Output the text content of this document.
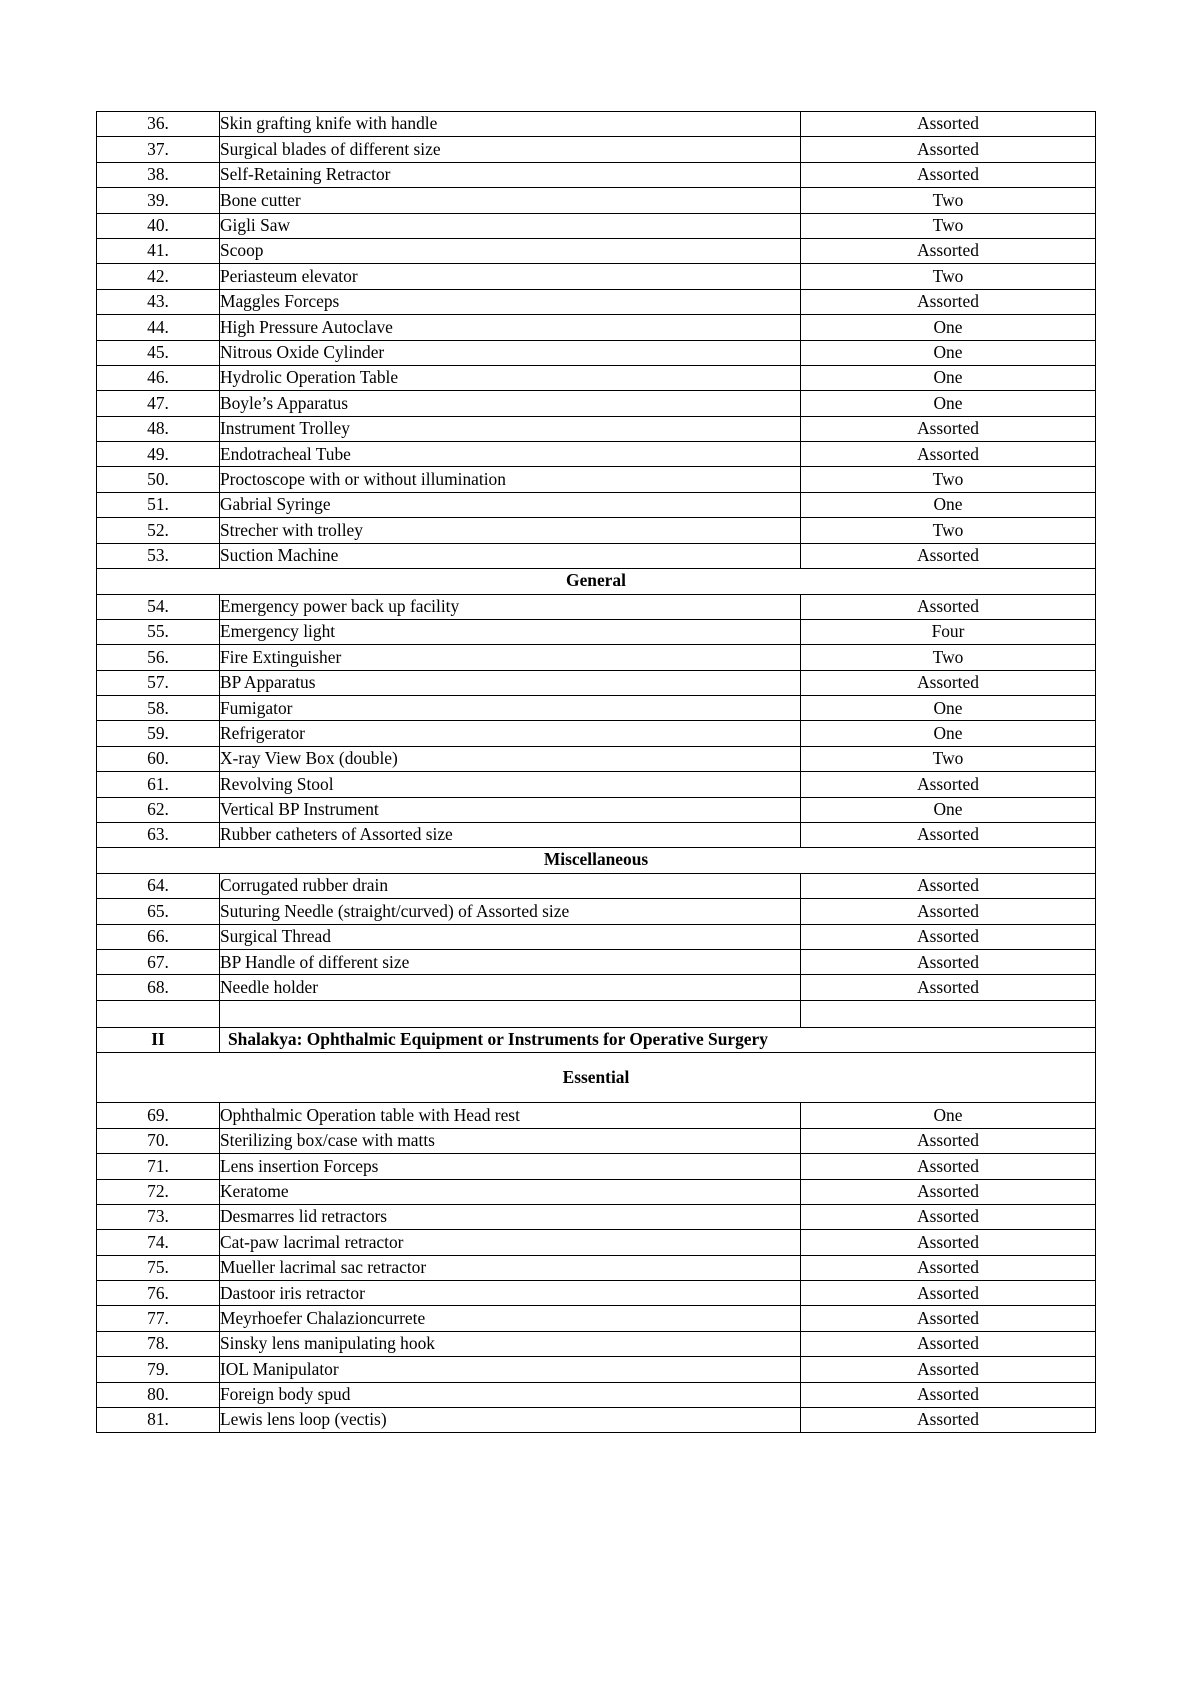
36.	Skin grafting knife with handle	Assorted
37.	Surgical blades of different size	Assorted
38.	Self-Retaining Retractor	Assorted
39.	Bone cutter	Two
40.	Gigli Saw	Two
41.	Scoop	Assorted
42.	Periasteum elevator	Two
43.	Maggles Forceps	Assorted
44.	High Pressure Autoclave	One
45.	Nitrous Oxide Cylinder	One
46.	Hydrolic Operation Table	One
47.	Boyle’s Apparatus	One
48.	Instrument Trolley	Assorted
49.	Endotracheal Tube	Assorted
50.	Proctoscope with or without illumination	Two
51.	Gabrial Syringe	One
52.	Strecher with trolley	Two
53.	Suction Machine	Assorted
General		
54.	Emergency power back up facility	Assorted
55.	Emergency light	Four
56.	Fire Extinguisher	Two
57.	BP Apparatus	Assorted
58.	Fumigator	One
59.	Refrigerator	One
60.	X-ray View Box (double)	Two
61.	Revolving Stool	Assorted
62.	Vertical BP Instrument	One
63.	Rubber catheters of Assorted size	Assorted
Miscellaneous		
64.	Corrugated rubber drain	Assorted
65.	Suturing Needle (straight/curved) of Assorted size	Assorted
66.	Surgical Thread	Assorted
67.	BP Handle of different size	Assorted
68.	Needle holder	Assorted

II	Shalakya: Ophthalmic Equipment or Instruments for Operative Surgery	
Essential		
69.	Ophthalmic Operation table with Head rest	One
70.	Sterilizing box/case with matts	Assorted
71.	Lens insertion Forceps	Assorted
72.	Keratome	Assorted
73.	Desmarres lid retractors	Assorted
74.	Cat-paw lacrimal retractor	Assorted
75.	Mueller lacrimal sac retractor	Assorted
76.	Dastoor iris retractor	Assorted
77.	Meyrhoefer Chalazioncurrete	Assorted
78.	Sinsky lens manipulating hook	Assorted
79.	IOL Manipulator	Assorted
80.	Foreign body spud	Assorted
81.	Lewis lens loop (vectis)	Assorted
